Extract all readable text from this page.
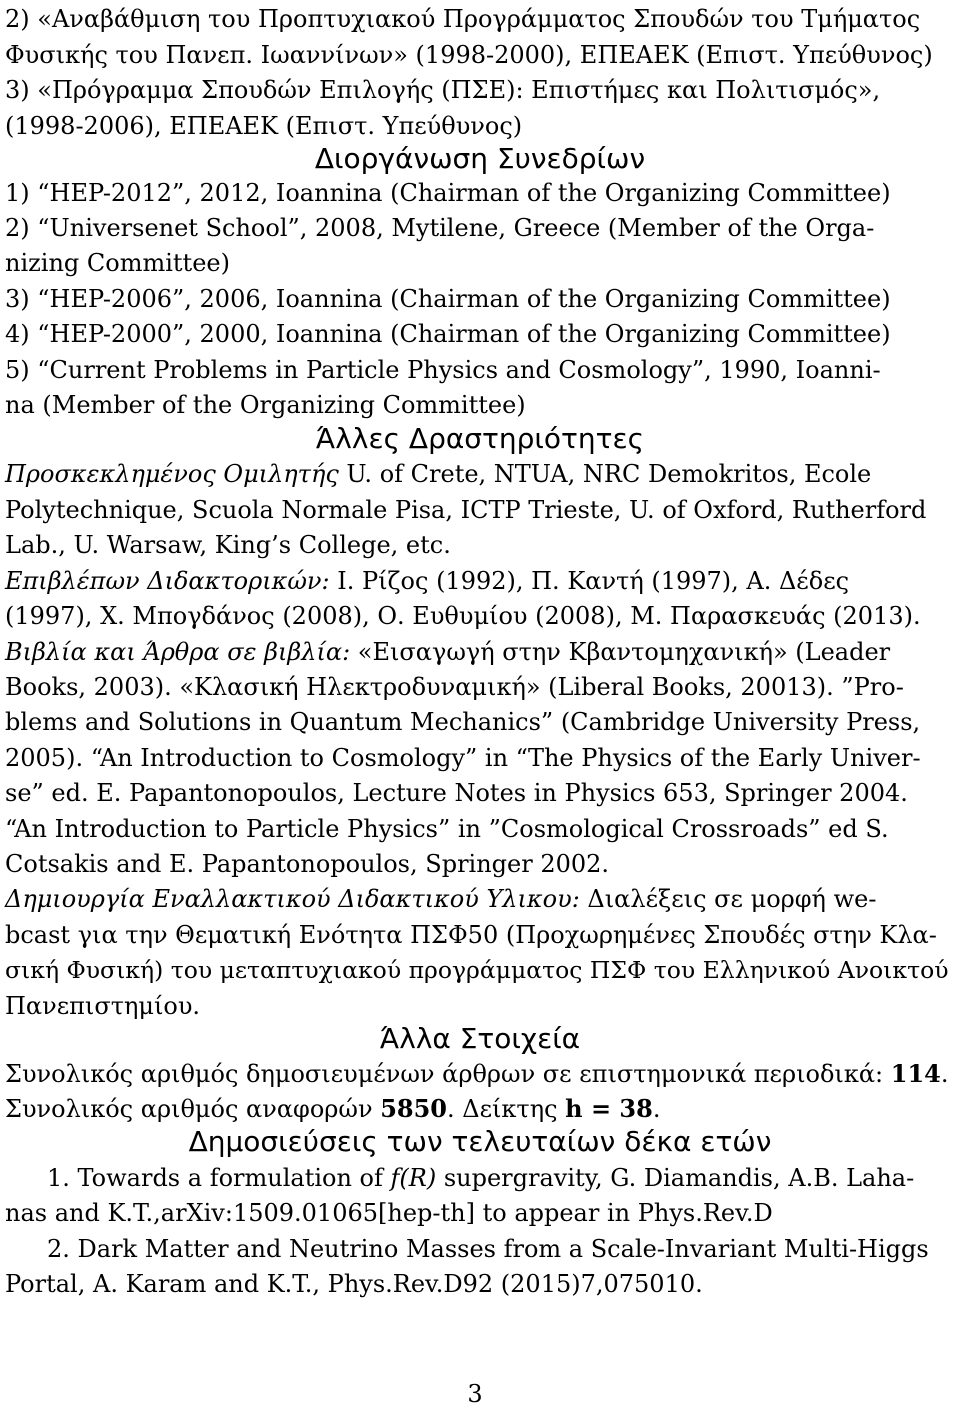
2) «Αναβάθμιση του Προπτυχιακού Προγράμματος Σπουδών του Τμήματος
Φυσικής του Πανεπ. Ιωαννίνων» (1998-2000), ΕΠΕΑΕΚ (Επιστ. Υπεύθυνος)
3) «Πρόγραμμα Σπουδών Επιλογής (ΠΣΕ): Επιστήμες και Πολιτισμός»,
(1998-2006), ΕΠΕΑΕΚ (Επιστ. Υπεύθυνος)
Διοργάνωση Συνεδρίων
1) “HEP-2012”, 2012, Ioannina (Chairman of the Organizing Committee)
2) “Universenet School”, 2008, Mytilene, Greece (Member of the Orga-
nizing Committee)
3) “HEP-2006”, 2006, Ioannina (Chairman of the Organizing Committee)
4) “HEP-2000”, 2000, Ioannina (Chairman of the Organizing Committee)
5) “Current Problems in Particle Physics and Cosmology”, 1990, Ioanni-
na (Member of the Organizing Committee)
Άλλες Δραστηριότητες
Προσκεκλημένος Ομιλητής U. of Crete, NTUA, NRC Demokritos, Ecole
Polytechnique, Scuola Normale Pisa, ICTP Trieste, U. of Oxford, Rutherford
Lab., U. Warsaw, King’s College, etc.
Επιβλέπων Διδακτορικών: Ι. Ρίζος (1992), Π. Καντή (1997), Α. Δέδες
(1997), Χ. Μπογδάνος (2008), Ο. Ευθυμίου (2008), Μ. Παρασκευάς (2013).
Βιβλία και Άρθρα σε βιβλία: «Εισαγωγή στην Κβαντομηχανική» (Leader
Books, 2003). «Κλασική Ηλεκτροδυναμική» (Liberal Books, 20013). ”Pro-
blems and Solutions in Quantum Mechanics” (Cambridge University Press,
2005). “An Introduction to Cosmology” in “The Physics of the Early Univer-
se” ed. E. Papantonopoulos, Lecture Notes in Physics 653, Springer 2004.
“An Introduction to Particle Physics” in ”Cosmological Crossroads” ed S.
Cotsakis and E. Papantonopoulos, Springer 2002.
Δημιουργία Εναλλακτικού Διδακτικού Υλικου: Διαλέξεις σε μορφή we-
bcast για την Θεματική Ενότητα ΠΣΦ50 (Προχωρημένες Σπουδές στην Κλα-
σική Φυσική) του μεταπτυχιακού προγράμματος ΠΣΦ του Ελληνικού Ανοικτού
Πανεπιστημίου.
Άλλα Στοιχεία
Συνολικός αριθμός δημοσιευμένων άρθρων σε επιστημονικά περιοδικά: 114.
Συνολικός αριθμός αναφορών 5850. Δείκτης h = 38.
Δημοσιεύσεις των τελευταίων δέκα ετών
1. Towards a formulation of f(R) supergravity, G. Diamandis, A.B. Laha-
nas and K.T.,arXiv:1509.01065[hep-th] to appear in Phys.Rev.D
2. Dark Matter and Neutrino Masses from a Scale-Invariant Multi-Higgs
Portal, A. Karam and K.T., Phys.Rev.D92 (2015)7,075010.
3
